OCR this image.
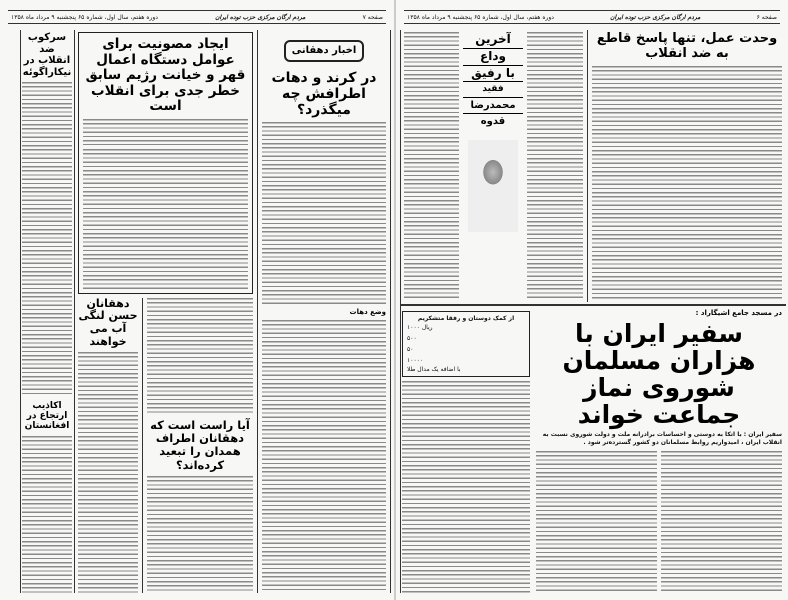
صفحه ۷
مردم ارگان مرکزی حزب توده ایران
دوره هفتم، سال اول، شماره ۶۵ پنجشنبه ۹ مرداد ماه ۱۳۵۸
اخبار دهقانی
در کرند و دهات اطرافش چه میگذرد؟
وضع دهات
ایجاد مصونیت برای عوامل دستگاه اعمال قهر و خیانت رژیم سابق خطر جدی برای انقلاب است
آیا راست است که دهقانان اطراف همدان را تبعید کرده‌اند؟
دهقانان حسن لنگی آب می خواهند
سرکوب ضد انقلاب در نیکاراگوئه
اکاذیب ارتجاع در افغانستان
صفحه ۶
مردم ارگان مرکزی حزب توده ایران
دوره هفتم، سال اول، شماره ۶۵ پنجشنبه ۹ مرداد ماه ۱۳۵۸
وحدت عمل، تنها پاسخ قاطع به ضد انقلاب
آخرین
وداع
با رفیق
فقید
محمدرضا
قدوه
از کمک دوستان و رفقا متشکریم
۱۰۰۰ ریال
۵۰۰
۵۰
۱۰۰۰۰
با اضافه یک مدال طلا
در مسجد جامع اشیگاراد :
سفیر ایران با هزاران مسلمان شوروی نماز جماعت خواند
سفیر ایران : با اتکا به دوستی و احساسات برادرانه ملت و دولت شوروی نسبت به انقلاب ایران ، امیدواریم روابط مسلمانان دو کشور گسترده‌تر شود .
